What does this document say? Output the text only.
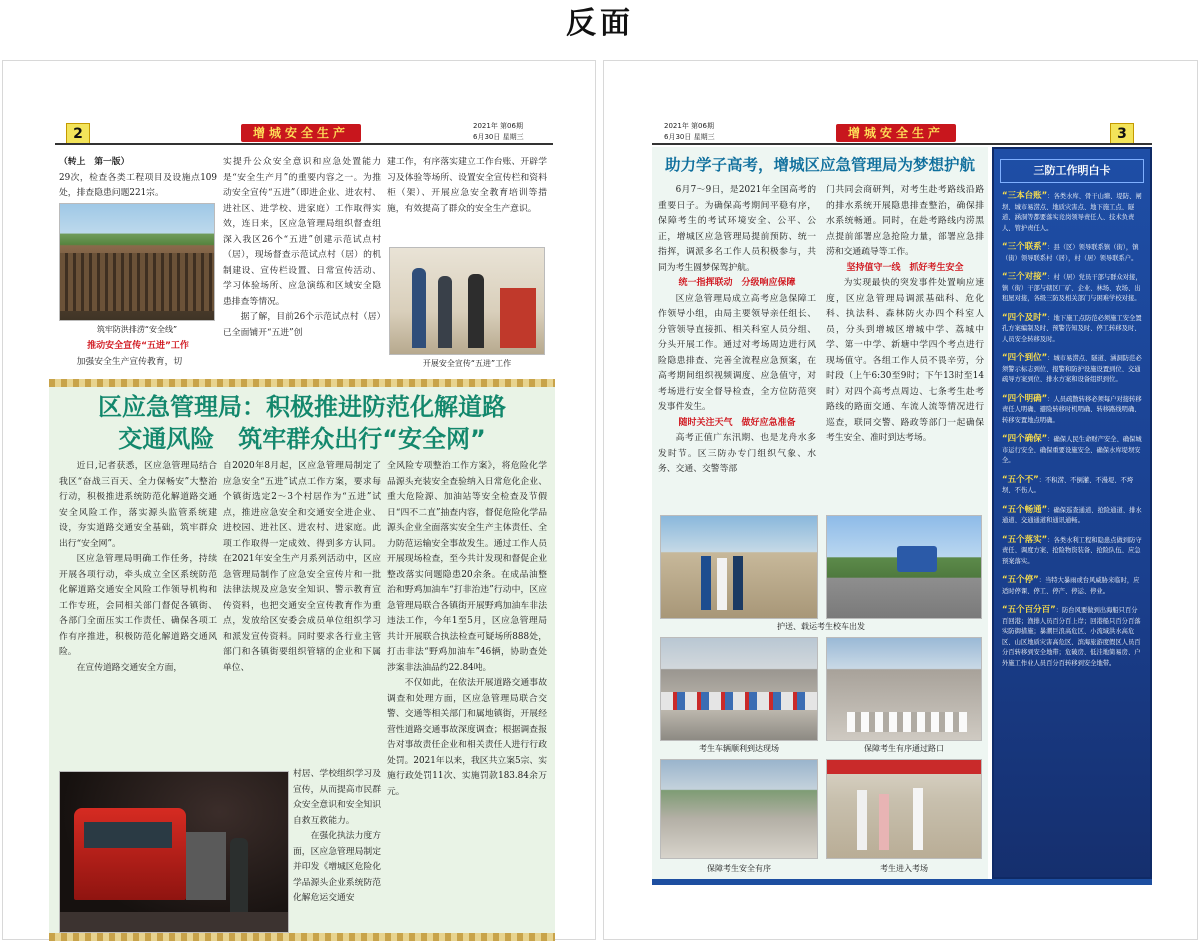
反面
2	增城安全生产	2021年 第06期
6月30日 星期三

（转上　第一版）

29次，检查各类工程项目及设施点109处，排查隐患问题221宗。

筑牢防洪排涝“安全线”

推动安全宣传“五进”工作

加强安全生产宣传教育，切

实提升公众安全意识和应急处置能力是“安全生产月”的重要内容之一。为推动安全宣传“五进”（即进企业、进农村、进社区、进学校、进家庭）工作取得实效，连日来，区应急管理局组织督查组深入我区26个“五进”创建示范试点村（居），现场督查示范试点村（居）的机制建设、宣传栏设置、日常宣传活动、学习体验场所、应急演练和区域安全隐患排查等情况。

据了解，目前26个示范试点村（居）已全面铺开“五进”创

建工作，有序落实建立工作台账、开辟学习及体验等场所、设置安全宣传栏和资料柜（架）、开展应急安全教育培训等措施，有效提高了群众的安全生产意识。

开展安全宣传“五进”工作
区应急管理局：积极推进防范化解道路
交通风险　筑牢群众出行“安全网”

近日,记者获悉，区应急管理局结合我区“奋战三百天、全力保畅安”大整治行动，积极推进系统防范化解道路交通安全风险工作，落实源头监管系统建设，夯实道路交通安全基础，筑牢群众出行“安全网”。

区应急管理局明确工作任务，持续开展各项行动，牵头成立全区系统防范化解道路交通安全风险工作领导机构和工作专班，会同相关部门督促各镇街、各部门全面压实工作责任、确保各项工作有序推进，积极防范化解道路交通风险。

在宣传道路交通安全方面，

自2020年8月起，区应急管理局制定了应急安全“五进”试点工作方案，要求每个镇街选定2～3个村居作为“五进”试点，推进应急安全和交通安全进企业、进校园、进社区、进农村、进家庭。此项工作取得一定成效、得到多方认同。在2021年安全生产月系列活动中，区应急管理局制作了应急安全宣传片和一批法律法规及应急安全知识、警示教育宣传资料，也把交通安全宣传教育作为重点，发放给区安委会成员单位组织学习和派发宣传资料。同时要求各行业主管部门和各镇街要组织管辖的企业和下属单位、

村居、学校组织学习及宣传，从而提高市民群众安全意识和安全知识自救互救能力。

在强化执法力度方面，区应急管理局制定并印发《增城区危险化学品源头企业系统防范化解危运交通安

全风险专项整治工作方案》，将危险化学品源头充装安全查验纳入日常危化企业、重大危险源、加油站等安全检查及节假日“四不二直”抽查内容，督促危险化学品源头企业全面落实安全生产主体责任、全力防范运输安全事故发生。通过工作人员开展现场检查，至今共计发现和督促企业整改落实问题隐患20余条。在成品油整治和野鸡加油车“打非治违”行动中，区应急管理局联合各镇街开展野鸡加油车非法违法工作，今年1至5月，区应急管理局共计开展联合执法检查可疑场所888处，打击非法“野鸡加油车”46辆，协助查处涉案非法油品约22.84吨。

不仅如此，在依法开展道路交通事故调查和处理方面，区应急管理局联合交警、交通等相关部门和属地镇街，开展经营性道路交通事故深度调查；根据调查报告对事故责任企业和相关责任人进行行政处罚。2021年以来，我区共立案5宗、实施行政处罚11次、实施罚款183.84余万元。

2021年 第06期
6月30日 星期三	增城安全生产	3
助力学子高考，增城区应急管理局为梦想护航

6月7～9日，是2021年全国高考的重要日子。为确保高考期间平稳有序，保障考生的考试环境安全、公平、公正，增城区应急管理局提前预防、统一指挥，调派多名工作人员积极参与，共同为考生圆梦保驾护航。

统一指挥联动　分级响应保障

区应急管理局成立高考应急保障工作领导小组，由局主要领导亲任组长、分管领导直接抓、相关科室人员分组、分头开展工作。通过对考场周边进行风险隐患排查、完善全流程应急预案，在高考期间组织视频调度、应急值守，对考场进行安全督导检查，全方位防范突发事件发生。

随时关注天气　做好应急准备

高考正值广东汛期、也是龙舟水多发时节。区三防办专门组织气象、水务、交通、交警等部

门共同会商研判，对考生赴考路线沿路的排水系统开展隐患排查整治，确保排水系统畅通。同时，在赴考路线内涝黑点提前部署应急抢险力量，部署应急排涝和交通疏导等工作。

坚持值守一线　抓好考生安全

为实现最快的突发事件处置响应速度，区应急管理局调派基础科、危化科、执法科、森林防火办四个科室人员，分头到增城区增城中学、荔城中学、第一中学、新塘中学四个考点进行现场值守。各组工作人员不畏辛劳，分时段（上午6:30至9时；下午13时至14时）对四个高考点周边、七条考生赴考路线的路面交通、车流人流等情况进行巡查，联同交警、路政等部门一起确保考生安全、准时到达考场。

护送、载运考生校车出发
考生车辆顺利到达现场	保障考生有序通过路口
保障考生安全有序	考生进入考场
三防工作明白卡
“三本台账”：各类水库、骨干山塘、堤防、闸坝、城市易涝点、地质灾害点、地下施工点、隧道、涵洞等都要落实竞岗领导责任人、技术负责人、管护责任人。
“三个联系”：县（区）领导联系镇（街），镇（街）领导联系村（居），村（居）领导联系户。
“三个对接”：村（居）党员干部与群众对接，镇（街）干部与辖区厂矿、企业、林场、农场、出租屋对接，各级三防及相关部门与困难学校对接。
“四个及时”：地下施工点防范必须施工安全置孔方案编制及时、预警告知及时、停工转移及时、人员安全转移及时。
“四个到位”：城市易涝点、隧道、涵洞防范必须警示标志到位、报警和防护设施设置到位、交通疏导方案到位、排水方案和设备组织到位。
“四个明确”：人员疏散转移必须每户对接转移责任人明确、避险转移时机明确、转移路线明确、转移安置地点明确。
“四个确保”：确保人民生命财产安全、确保城市运行安全、确保重要设施安全、确保水库堤坝安全。
“五个不”：不积涝、不倒灌、不漫堤、不垮坝、不伤人。
“五个畅通”：确保巡查通道、抢险通道、排水通道、交通通道和通讯通畅。
“五个落实”：各类水利工程和隐患点做到防守责任、调度方案、抢险物资装备、抢险队伍、应急预案落实。
“五个停”：当特大暴雨或台风威胁来临时，应适时停课、停工、停产、停运、停业。
“五个百分百”：防台风要做到出海船只百分百回港；渔排人员百分百上岸；回港船只百分百落实防御措施；暴潮巨浪高危区、小流域洪水高危区、山区地质灾害高危区、滨海旅游度假区人员百分百转移到安全地带；危破房、低洼地简易房、户外施工作业人员百分百转移到安全地带。
